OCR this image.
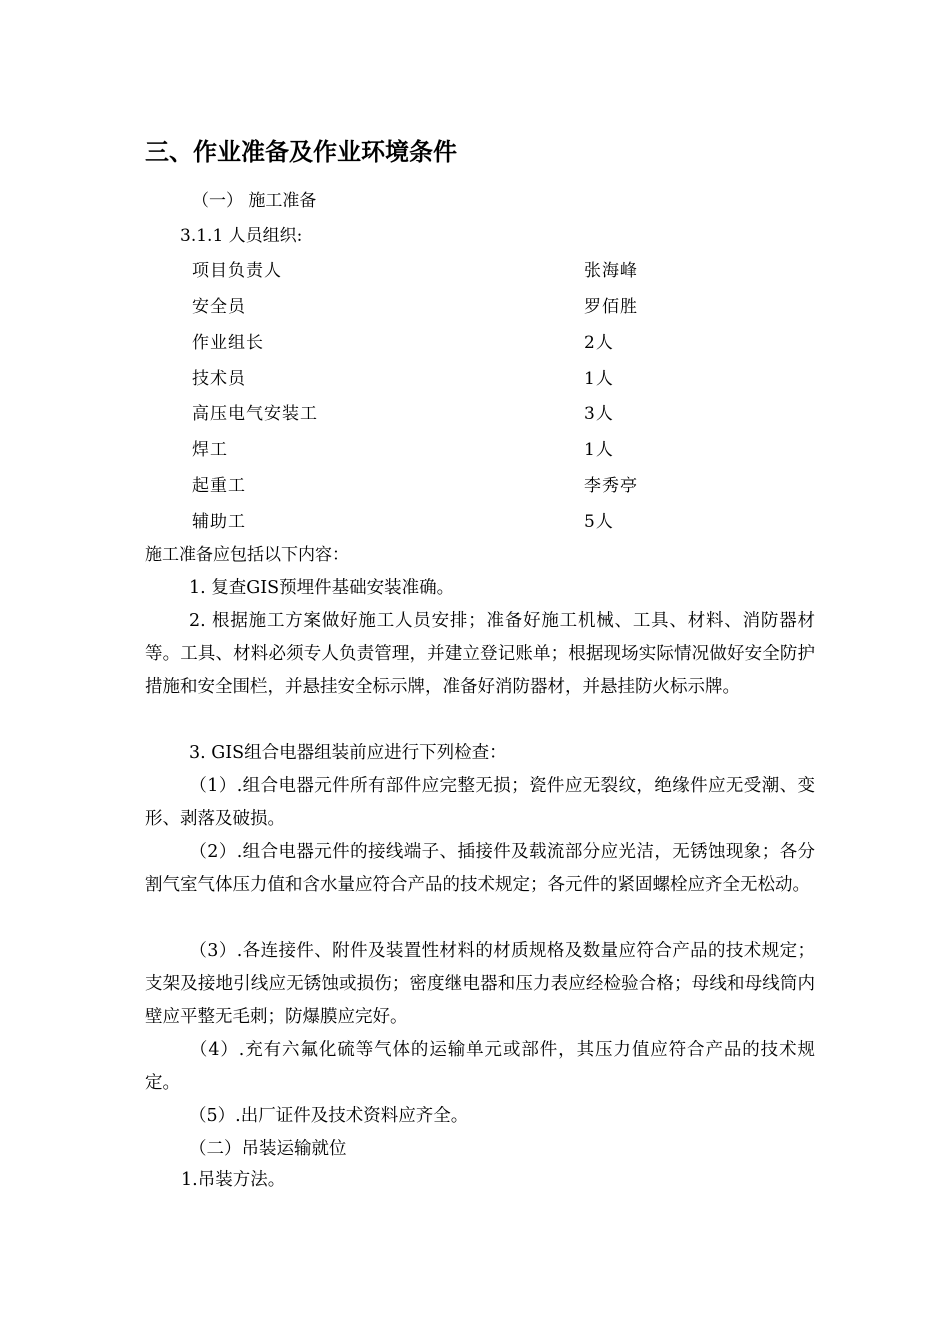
三、作业准备及作业环境条件
（一） 施工准备
3.1.1 人员组织:
项目负责人	张海峰
安全员	罗佰胜
作业组长	2人
技术员	1人
高压电气安装工	3人
焊工	1人
起重工	李秀亭
辅助工	5人
施工准备应包括以下内容：
1. 复查GIS预埋件基础安装准确。
2. 根据施工方案做好施工人员安排；准备好施工机械、工具、材料、消防器材等。工具、材料必须专人负责管理，并建立登记账单；根据现场实际情况做好安全防护措施和安全围栏，并悬挂安全标示牌，准备好消防器材，并悬挂防火标示牌。
3. GIS组合电器组装前应进行下列检查：
（1）.组合电器元件所有部件应完整无损；瓷件应无裂纹，绝缘件应无受潮、变形、剥落及破损。
（2）.组合电器元件的接线端子、插接件及载流部分应光洁，无锈蚀现象；各分割气室气体压力值和含水量应符合产品的技术规定；各元件的紧固螺栓应齐全无松动。
（3）.各连接件、附件及装置性材料的材质规格及数量应符合产品的技术规定；支架及接地引线应无锈蚀或损伤；密度继电器和压力表应经检验合格；母线和母线筒内壁应平整无毛刺；防爆膜应完好。
（4）.充有六氟化硫等气体的运输单元或部件，其压力值应符合产品的技术规定。
（5）.出厂证件及技术资料应齐全。
（二）吊装运输就位
1.吊装方法。
